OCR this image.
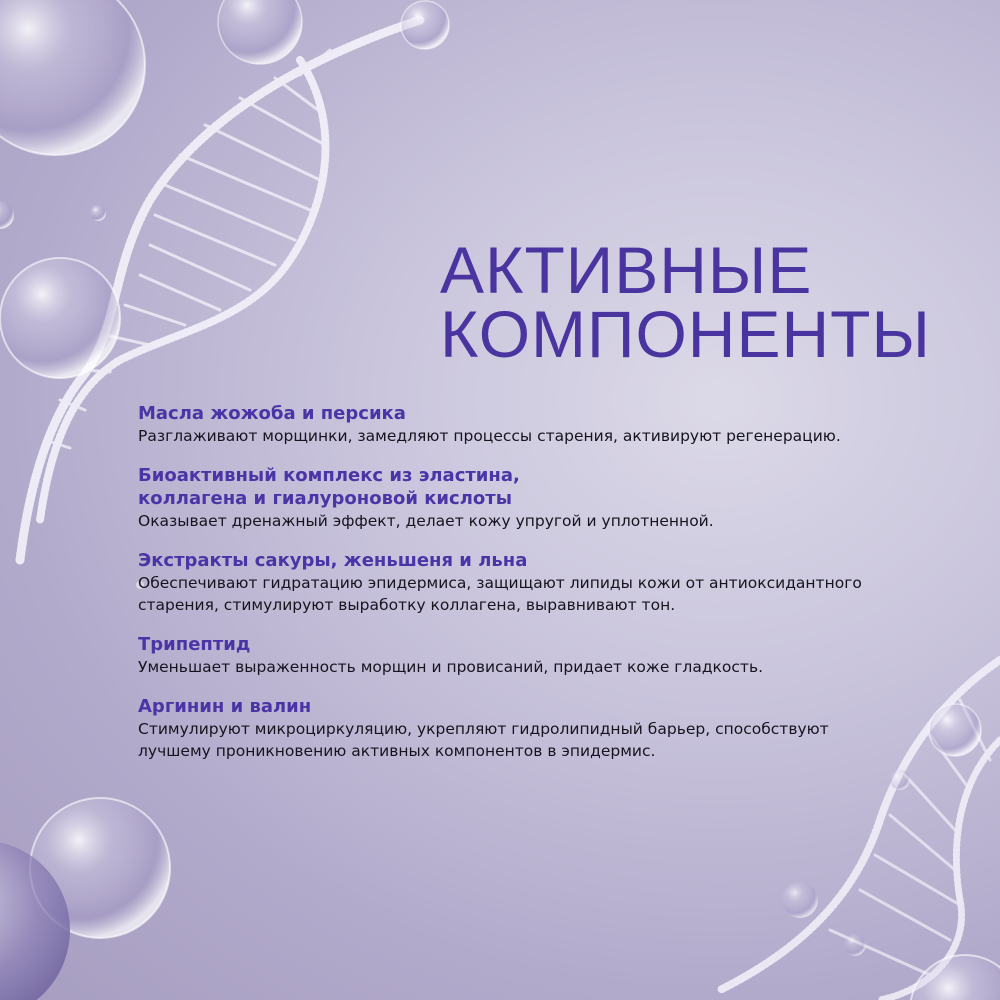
АКТИВНЫЕ
КОМПОНЕНТЫ
Масла жожоба и персика
Разглаживают морщинки, замедляют процессы старения, активируют регенерацию.
Биоактивный комплекс из эластина,
коллагена и гиалуроновой кислоты
Оказывает дренажный эффект, делает кожу упругой и уплотненной.
Экстракты сакуры, женьшеня и льна
Обеспечивают гидратацию эпидермиса, защищают липиды кожи от антиоксидантного
старения, стимулируют выработку коллагена, выравнивают тон.
Трипептид
Уменьшает выраженность морщин и провисаний, придает коже гладкость.
Аргинин и валин
Стимулируют микроциркуляцию, укрепляют гидролипидный барьер, способствуют
лучшему проникновению активных компонентов в эпидермис.
